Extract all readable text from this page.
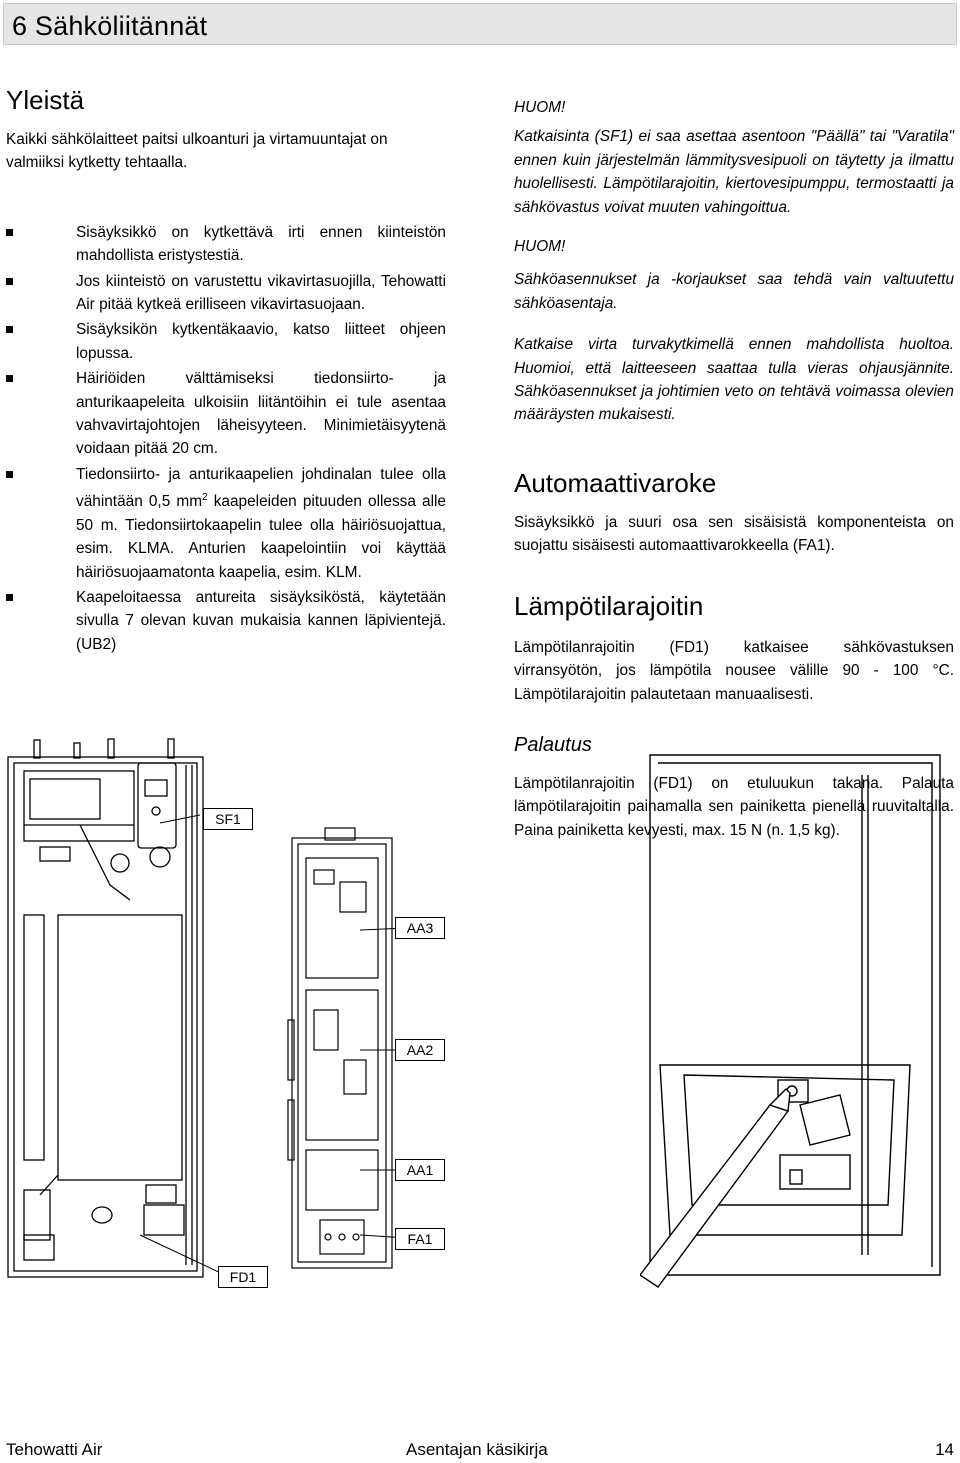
6 Sähköliitännät
Yleistä

Kaikki sähkölaitteet paitsi ulkoanturi ja virtamuuntajat on valmiiksi kytketty tehtaalla.

Sisäyksikkö on kytkettävä irti ennen kiinteistön mahdollista eristystestiä.
Jos kiinteistö on varustettu vikavirtasuojilla, Tehowatti Air pitää kytkeä erilliseen vikavirtasuojaan.
Sisäyksikön kytkentäkaavio, katso liitteet ohjeen lopussa.
Häiriöiden välttämiseksi tiedonsiirto- ja anturikaapeleita ulkoisiin liitäntöihin ei tule asentaa vahvavirtajohtojen läheisyyteen. Minimietäisyytenä voidaan pitää 20 cm.
Tiedonsiirto- ja anturikaapelien johdinalan tulee olla vähintään 0,5 $mm^2$ kaapeleiden pituuden ollessa alle 50 m. Tiedonsiirtokaapelin tulee olla häiriösuojattua, esim. KLMA. Anturien kaapelointiin voi käyttää häiriösuojaamatonta kaapelia, esim. KLM.
Kaapeloitaessa antureita sisäyksiköstä, käytetään sivulla 7 olevan kuvan mukaisia kannen läpivientejä. (UB2)

HUOM!

Katkaisinta (SF1) ei saa asettaa asentoon "Päällä" tai "Varatila" ennen kuin järjestelmän lämmitysvesipuoli on täytetty ja ilmattu huolellisesti. Lämpötilarajoitin, kiertovesipumppu, termostaatti ja sähkövastus voivat muuten vahingoittua.

HUOM!

Sähköasennukset ja -korjaukset saa tehdä vain valtuutettu sähköasentaja.

Katkaise virta turvakytkimellä ennen mahdollista huoltoa. Huomioi, että laitteeseen saattaa tulla vieras ohjausjännite. Sähköasennukset ja johtimien veto on tehtävä voimassa olevien määräysten mukaisesti.

Automaattivaroke

Sisäyksikkö ja suuri osa sen sisäisistä komponenteista on suojattu sisäisesti automaattivarokkeella (FA1).

Lämpötilarajoitin

Lämpötilanrajoitin (FD1) katkaisee sähkövastuksen virransyötön, jos lämpötila nousee välille 90 - 100 °C. Lämpötilarajoitin palautetaan manuaalisesti.

Palautus

Lämpötilanrajoitin (FD1) on etuluukun takana. Palauta lämpötilarajoitin painamalla sen painiketta pienellä ruuvitaltalla. Paina painiketta kevyesti, max. 15 N (n. 1,5 kg).

SF1
AA3
AA2
AA1
FA1
FD1
Tehowatti Air	Asentajan käsikirja	14
